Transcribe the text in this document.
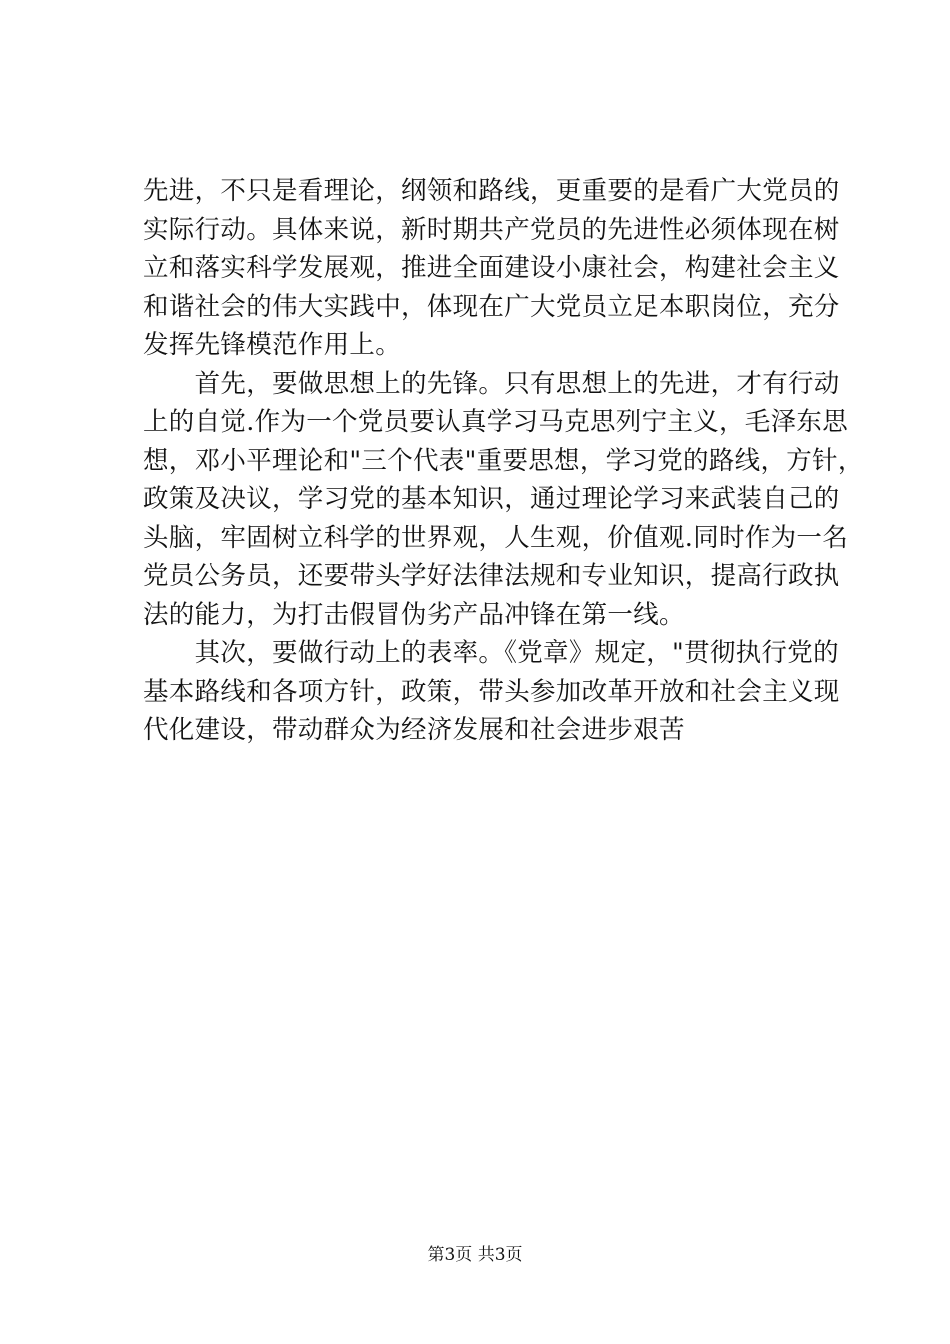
先进，不只是看理论，纲领和路线，更重要的是看广大党员的
实际行动。具体来说，新时期共产党员的先进性必须体现在树
立和落实科学发展观，推进全面建设小康社会，构建社会主义
和谐社会的伟大实践中，体现在广大党员立足本职岗位，充分
发挥先锋模范作用上。
　　首先，要做思想上的先锋。只有思想上的先进，才有行动
上的自觉.作为一个党员要认真学习马克思列宁主义，毛泽东思
想，邓小平理论和"三个代表"重要思想，学习党的路线，方针，
政策及决议，学习党的基本知识，通过理论学习来武装自己的
头脑，牢固树立科学的世界观，人生观，价值观.同时作为一名
党员公务员，还要带头学好法律法规和专业知识，提高行政执
法的能力，为打击假冒伪劣产品冲锋在第一线。
　　其次，要做行动上的表率。《党章》规定，"贯彻执行党的
基本路线和各项方针，政策，带头参加改革开放和社会主义现
代化建设，带动群众为经济发展和社会进步艰苦
第3页 共3页
